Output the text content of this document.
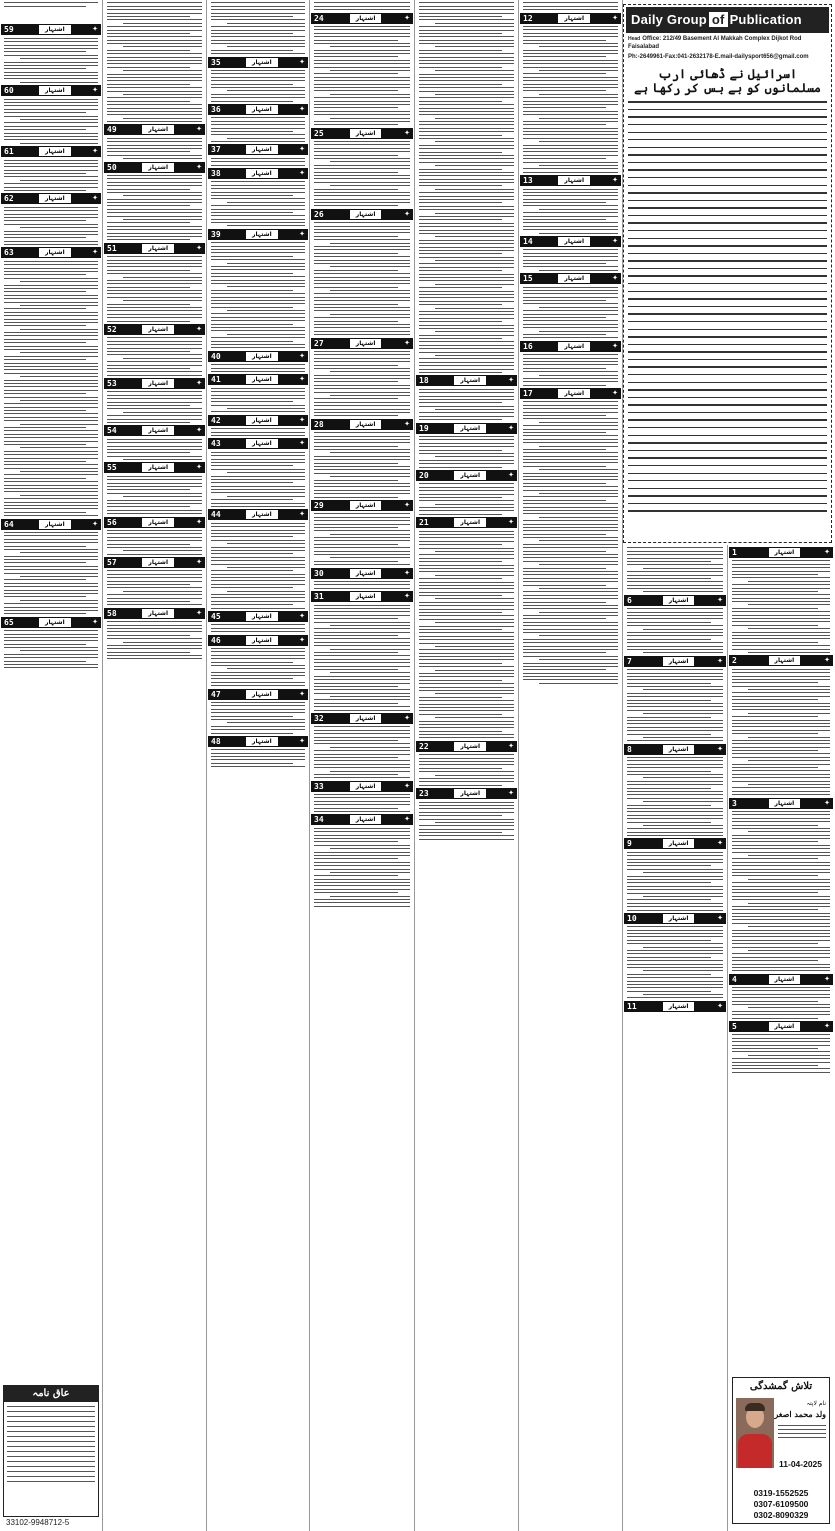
59	اشتہار	✦
60	اشتہار	✦
61	اشتہار	✦
62	اشتہار	✦
63	اشتہار	✦
64	اشتہار	✦
65	اشتہار	✦
49	اشتہار	✦
50	اشتہار	✦
51	اشتہار	✦
52	اشتہار	✦
53	اشتہار	✦
54	اشتہار	✦
55	اشتہار	✦
56	اشتہار	✦
57	اشتہار	✦
58	اشتہار	✦
35	اشتہار	✦
36	اشتہار	✦
37	اشتہار	✦
38	اشتہار	✦
39	اشتہار	✦
40	اشتہار	✦
41	اشتہار	✦
42	اشتہار	✦
43	اشتہار	✦
44	اشتہار	✦
45	اشتہار	✦
46	اشتہار	✦
47	اشتہار	✦
48	اشتہار	✦
24	اشتہار	✦
25	اشتہار	✦
26	اشتہار	✦
27	اشتہار	✦
28	اشتہار	✦
29	اشتہار	✦
30	اشتہار	✦
31	اشتہار	✦
32	اشتہار	✦
33	اشتہار	✦
34	اشتہار	✦
18	اشتہار	✦
19	اشتہار	✦
20	اشتہار	✦
21	اشتہار	✦
22	اشتہار	✦
23	اشتہار	✦
12	اشتہار	✦
13	اشتہار	✦
14	اشتہار	✦
15	اشتہار	✦
16	اشتہار	✦
17	اشتہار	✦
6	اشتہار	✦
7	اشتہار	✦
8	اشتہار	✦
9	اشتہار	✦
10	اشتہار	✦
11	اشتہار	✦
1	اشتہار	✦
2	اشتہار	✦
3	اشتہار	✦
4	اشتہار	✦
5	اشتہار	✦
Daily Group of Publication
Head Office: 212/49 Basement Al Makkah Complex Dijkot Rod Faisalabad
Ph:-2649961-Fax:041-2632178-E.mail-dailysport656@gmail.com
اسرائیل نے ڈھائی ارب مسلمانوں کو بے بس کر رکھا ہے
عاق نامہ
33102-9948712-5
تلاش گمشدگی
نام لاپتہ
ولد محمد اصغر
11-04-2025
0319-1552525
0307-6109500
0302-8090329
